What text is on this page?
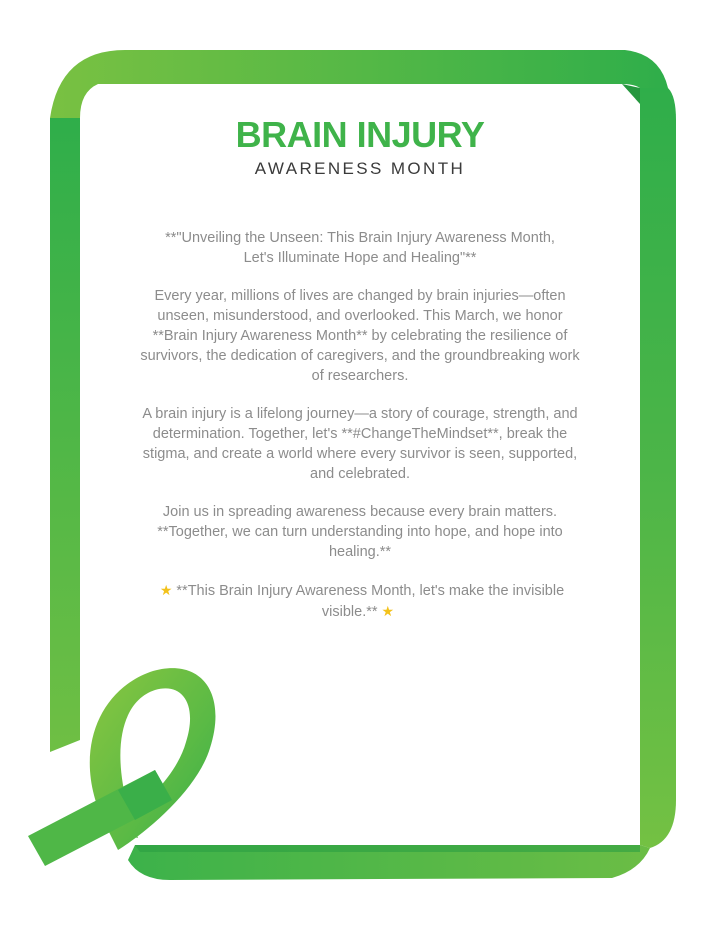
BRAIN INJURY
AWARENESS MONTH

**"Unveiling the Unseen: This Brain Injury Awareness Month, Let's Illuminate Hope and Healing"**

Every year, millions of lives are changed by brain injuries—often unseen, misunderstood, and overlooked. This March, we honor **Brain Injury Awareness Month** by celebrating the resilience of survivors, the dedication of caregivers, and the groundbreaking work of researchers.

A brain injury is a lifelong journey—a story of courage, strength, and determination. Together, let's **#ChangeTheMindset**, break the stigma, and create a world where every survivor is seen, supported, and celebrated.

Join us in spreading awareness because every brain matters. **Together, we can turn understanding into hope, and hope into healing.**

★ **This Brain Injury Awareness Month, let's make the invisible visible.** ★
